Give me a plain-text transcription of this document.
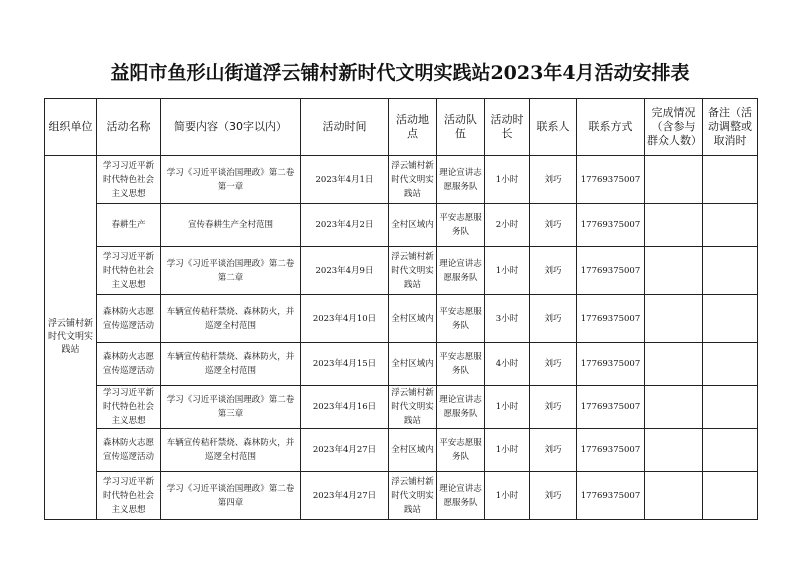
益阳市鱼形山街道浮云铺村新时代文明实践站2023年4月活动安排表
组织单位	活动名称	简要内容（30字以内）	活动时间	活动地点	活动队伍	活动时长	联系人	联系方式	完成情况（含参与群众人数）	备注（活动调整或取消时
浮云铺村新时代文明实践站	学习习近平新时代特色社会主义思想	学习《习近平谈治国理政》第二卷第一章	2023年4月1日	浮云铺村新时代文明实践站	理论宣讲志愿服务队	1小时	刘巧	17769375007		
	春耕生产	宣传春耕生产全村范围	2023年4月2日	全村区域内	平安志愿服务队	2小时	刘巧	17769375007		
	学习习近平新时代特色社会主义思想	学习《习近平谈治国理政》第二卷第二章	2023年4月9日	浮云铺村新时代文明实践站	理论宣讲志愿服务队	1小时	刘巧	17769375007		
	森林防火志愿宣传巡逻活动	车辆宣传秸秆禁烧、森林防火，并巡逻全村范围	2023年4月10日	全村区域内	平安志愿服务队	3小时	刘巧	17769375007		
	森林防火志愿宣传巡逻活动	车辆宣传秸秆禁烧、森林防火，并巡逻全村范围	2023年4月15日	全村区域内	平安志愿服务队	4小时	刘巧	17769375007		
	学习习近平新时代特色社会主义思想	学习《习近平谈治国理政》第二卷第三章	2023年4月16日	浮云铺村新时代文明实践站	理论宣讲志愿服务队	1小时	刘巧	17769375007		
	森林防火志愿宣传巡逻活动	车辆宣传秸秆禁烧、森林防火，并巡逻全村范围	2023年4月27日	全村区域内	平安志愿服务队	1小时	刘巧	17769375007		
	学习习近平新时代特色社会主义思想	学习《习近平谈治国理政》第二卷第四章	2023年4月27日	浮云铺村新时代文明实践站	理论宣讲志愿服务队	1小时	刘巧	17769375007		
